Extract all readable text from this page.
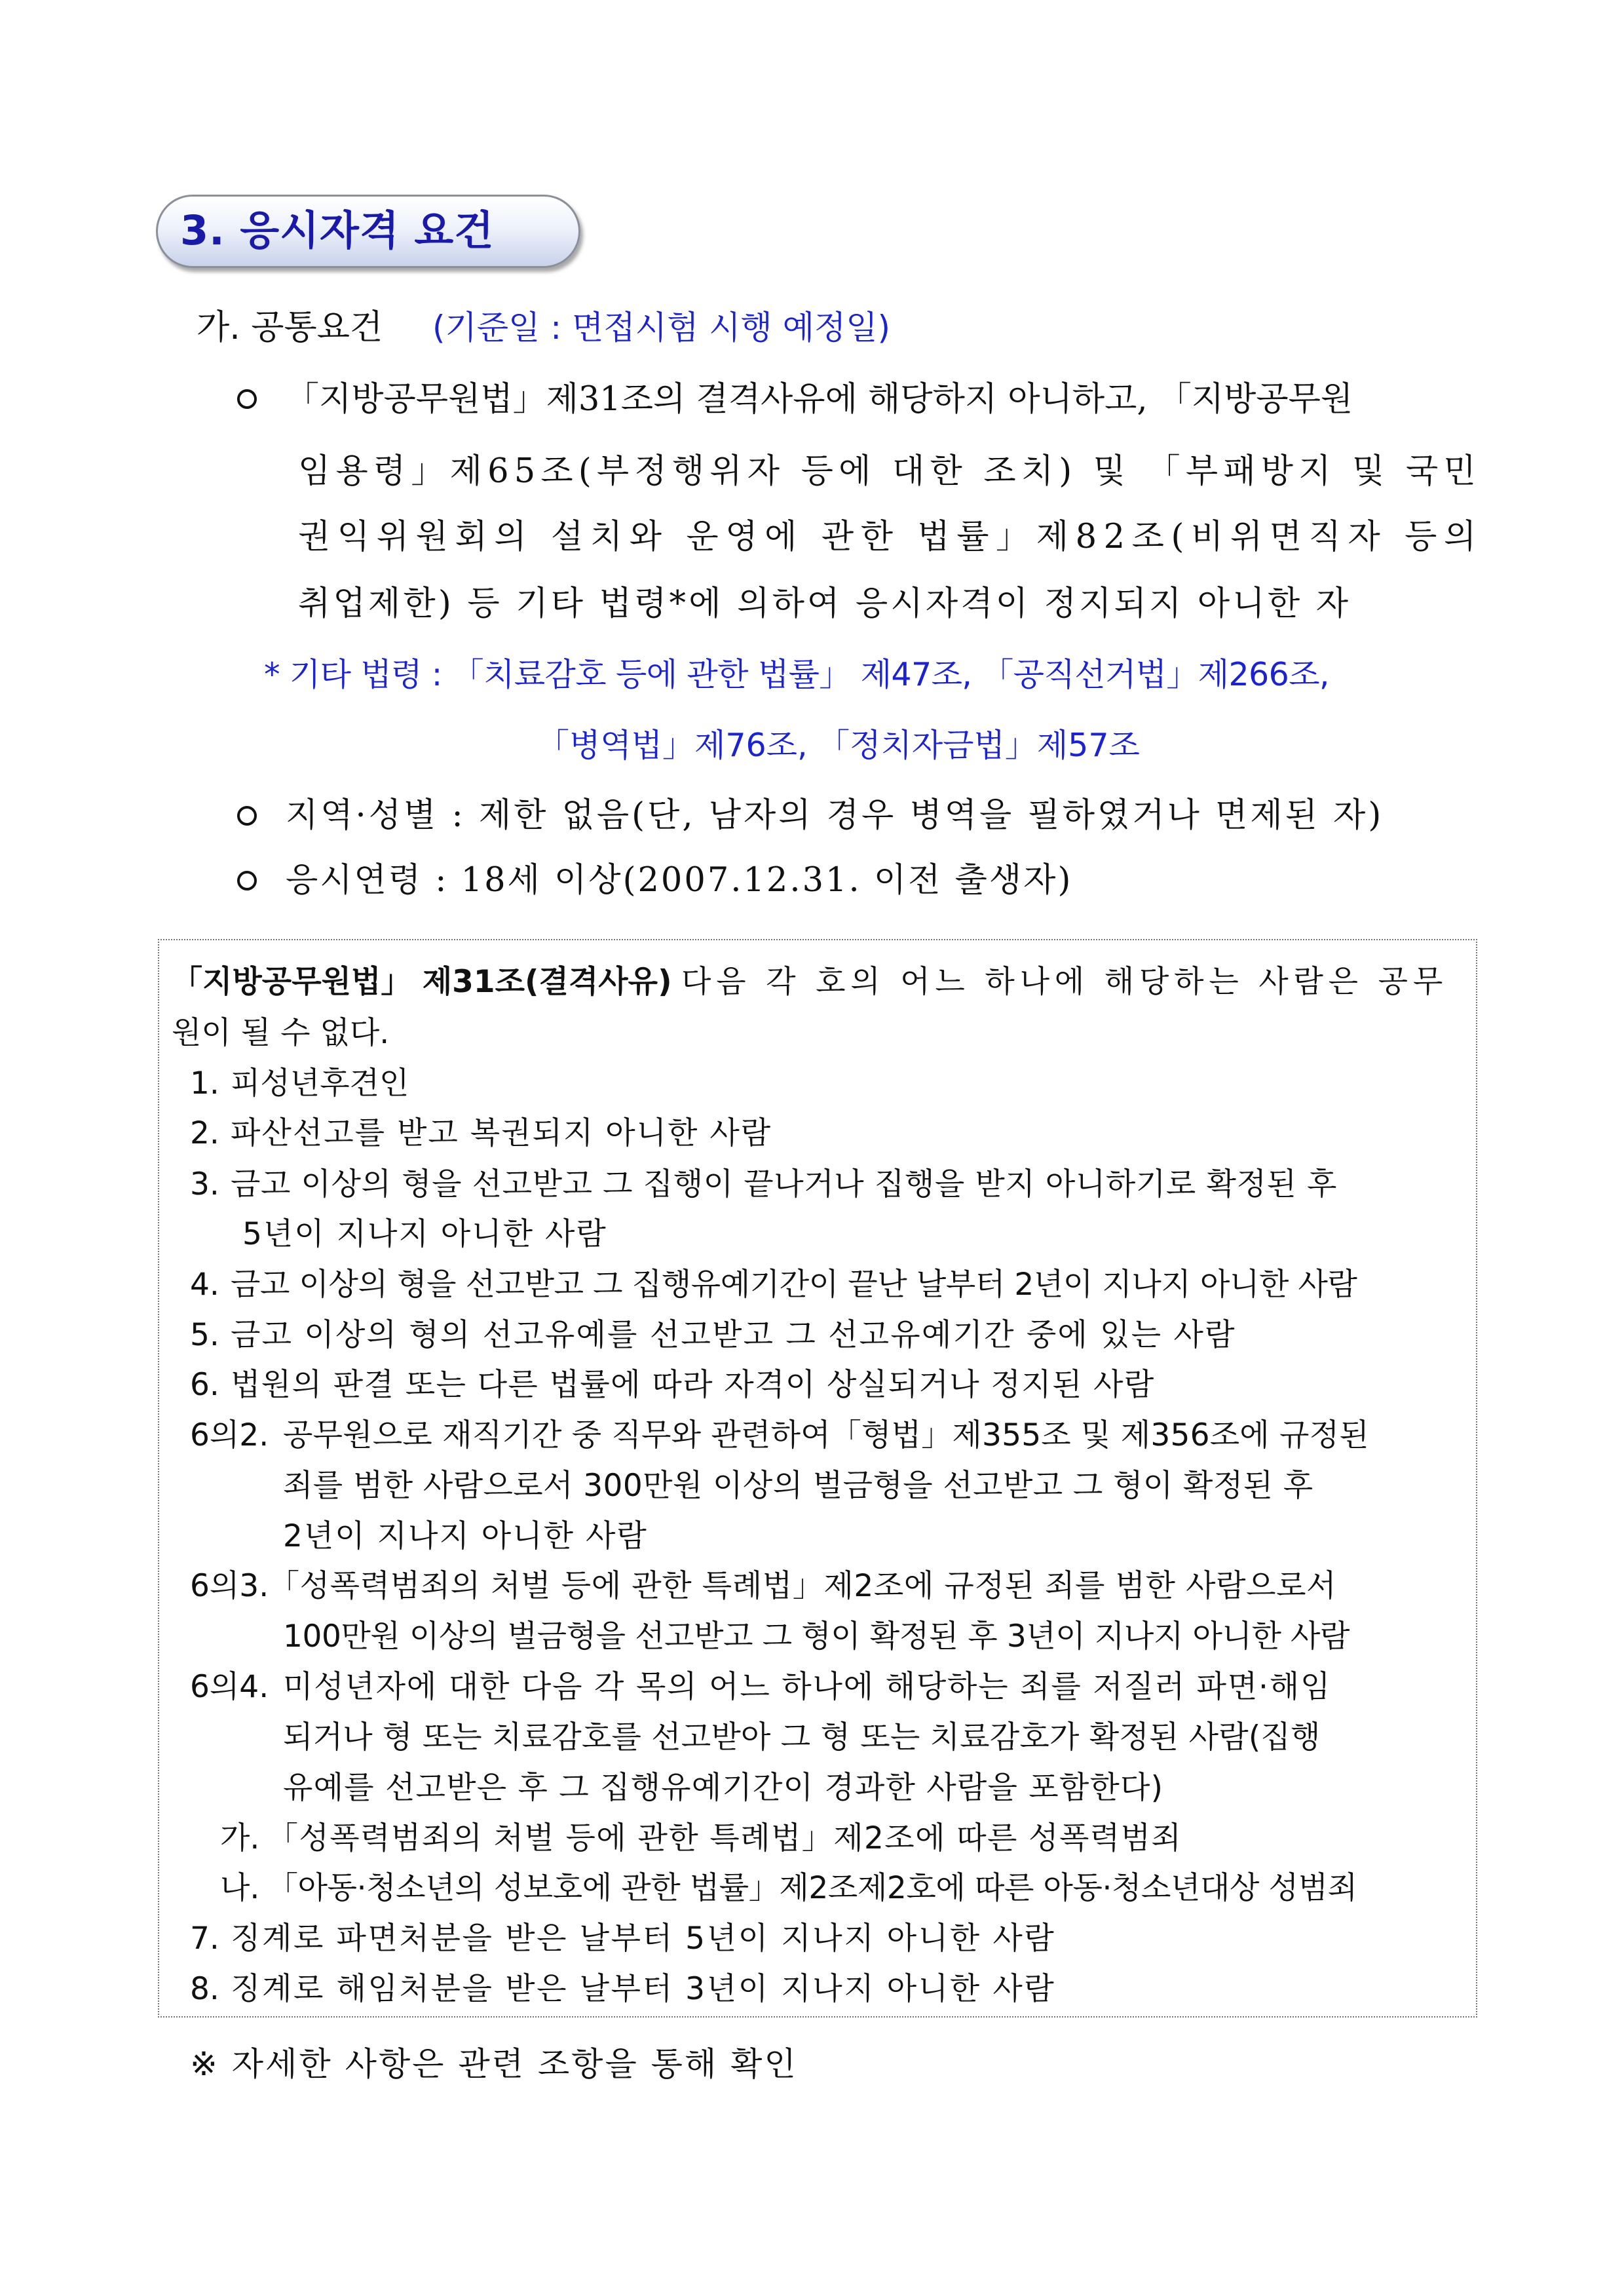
3. 응시자격 요건
가. 공통요건 (기준일 : 면접시험 시행 예정일)
「지방공무원법」제31조의 결격사유에 해당하지 아니하고, 「지방공무원
임용령」제65조(부정행위자 등에 대한 조치) 및 「부패방지 및 국민
권익위원회의 설치와 운영에 관한 법률」제82조(비위면직자 등의
취업제한) 등 기타 법령*에 의하여 응시자격이 정지되지 아니한 자
* 기타 법령 : 「치료감호 등에 관한 법률」 제47조, 「공직선거법」제266조,
「병역법」제76조, 「정치자금법」제57조
지역·성별 : 제한 없음(단, 남자의 경우 병역을 필하였거나 면제된 자)
응시연령 : 18세 이상(2007.12.31. 이전 출생자)
「지방공무원법」 제31조(결격사유) 다음 각 호의 어느 하나에 해당하는 사람은 공무
원이 될 수 없다.
1. 피성년후견인
2. 파산선고를 받고 복권되지 아니한 사람
3. 금고 이상의 형을 선고받고 그 집행이 끝나거나 집행을 받지 아니하기로 확정된 후
5년이 지나지 아니한 사람
4. 금고 이상의 형을 선고받고 그 집행유예기간이 끝난 날부터 2년이 지나지 아니한 사람
5. 금고 이상의 형의 선고유예를 선고받고 그 선고유예기간 중에 있는 사람
6. 법원의 판결 또는 다른 법률에 따라 자격이 상실되거나 정지된 사람
6의2. 공무원으로 재직기간 중 직무와 관련하여「형법」제355조 및 제356조에 규정된
죄를 범한 사람으로서 300만원 이상의 벌금형을 선고받고 그 형이 확정된 후
2년이 지나지 아니한 사람
6의3. 「성폭력범죄의 처벌 등에 관한 특례법」제2조에 규정된 죄를 범한 사람으로서
100만원 이상의 벌금형을 선고받고 그 형이 확정된 후 3년이 지나지 아니한 사람
6의4. 미성년자에 대한 다음 각 목의 어느 하나에 해당하는 죄를 저질러 파면·해임
되거나 형 또는 치료감호를 선고받아 그 형 또는 치료감호가 확정된 사람(집행
유예를 선고받은 후 그 집행유예기간이 경과한 사람을 포함한다)
가. 「성폭력범죄의 처벌 등에 관한 특례법」제2조에 따른 성폭력범죄
나. 「아동·청소년의 성보호에 관한 법률」제2조제2호에 따른 아동·청소년대상 성범죄
7. 징계로 파면처분을 받은 날부터 5년이 지나지 아니한 사람
8. 징계로 해임처분을 받은 날부터 3년이 지나지 아니한 사람
※ 자세한 사항은 관련 조항을 통해 확인
